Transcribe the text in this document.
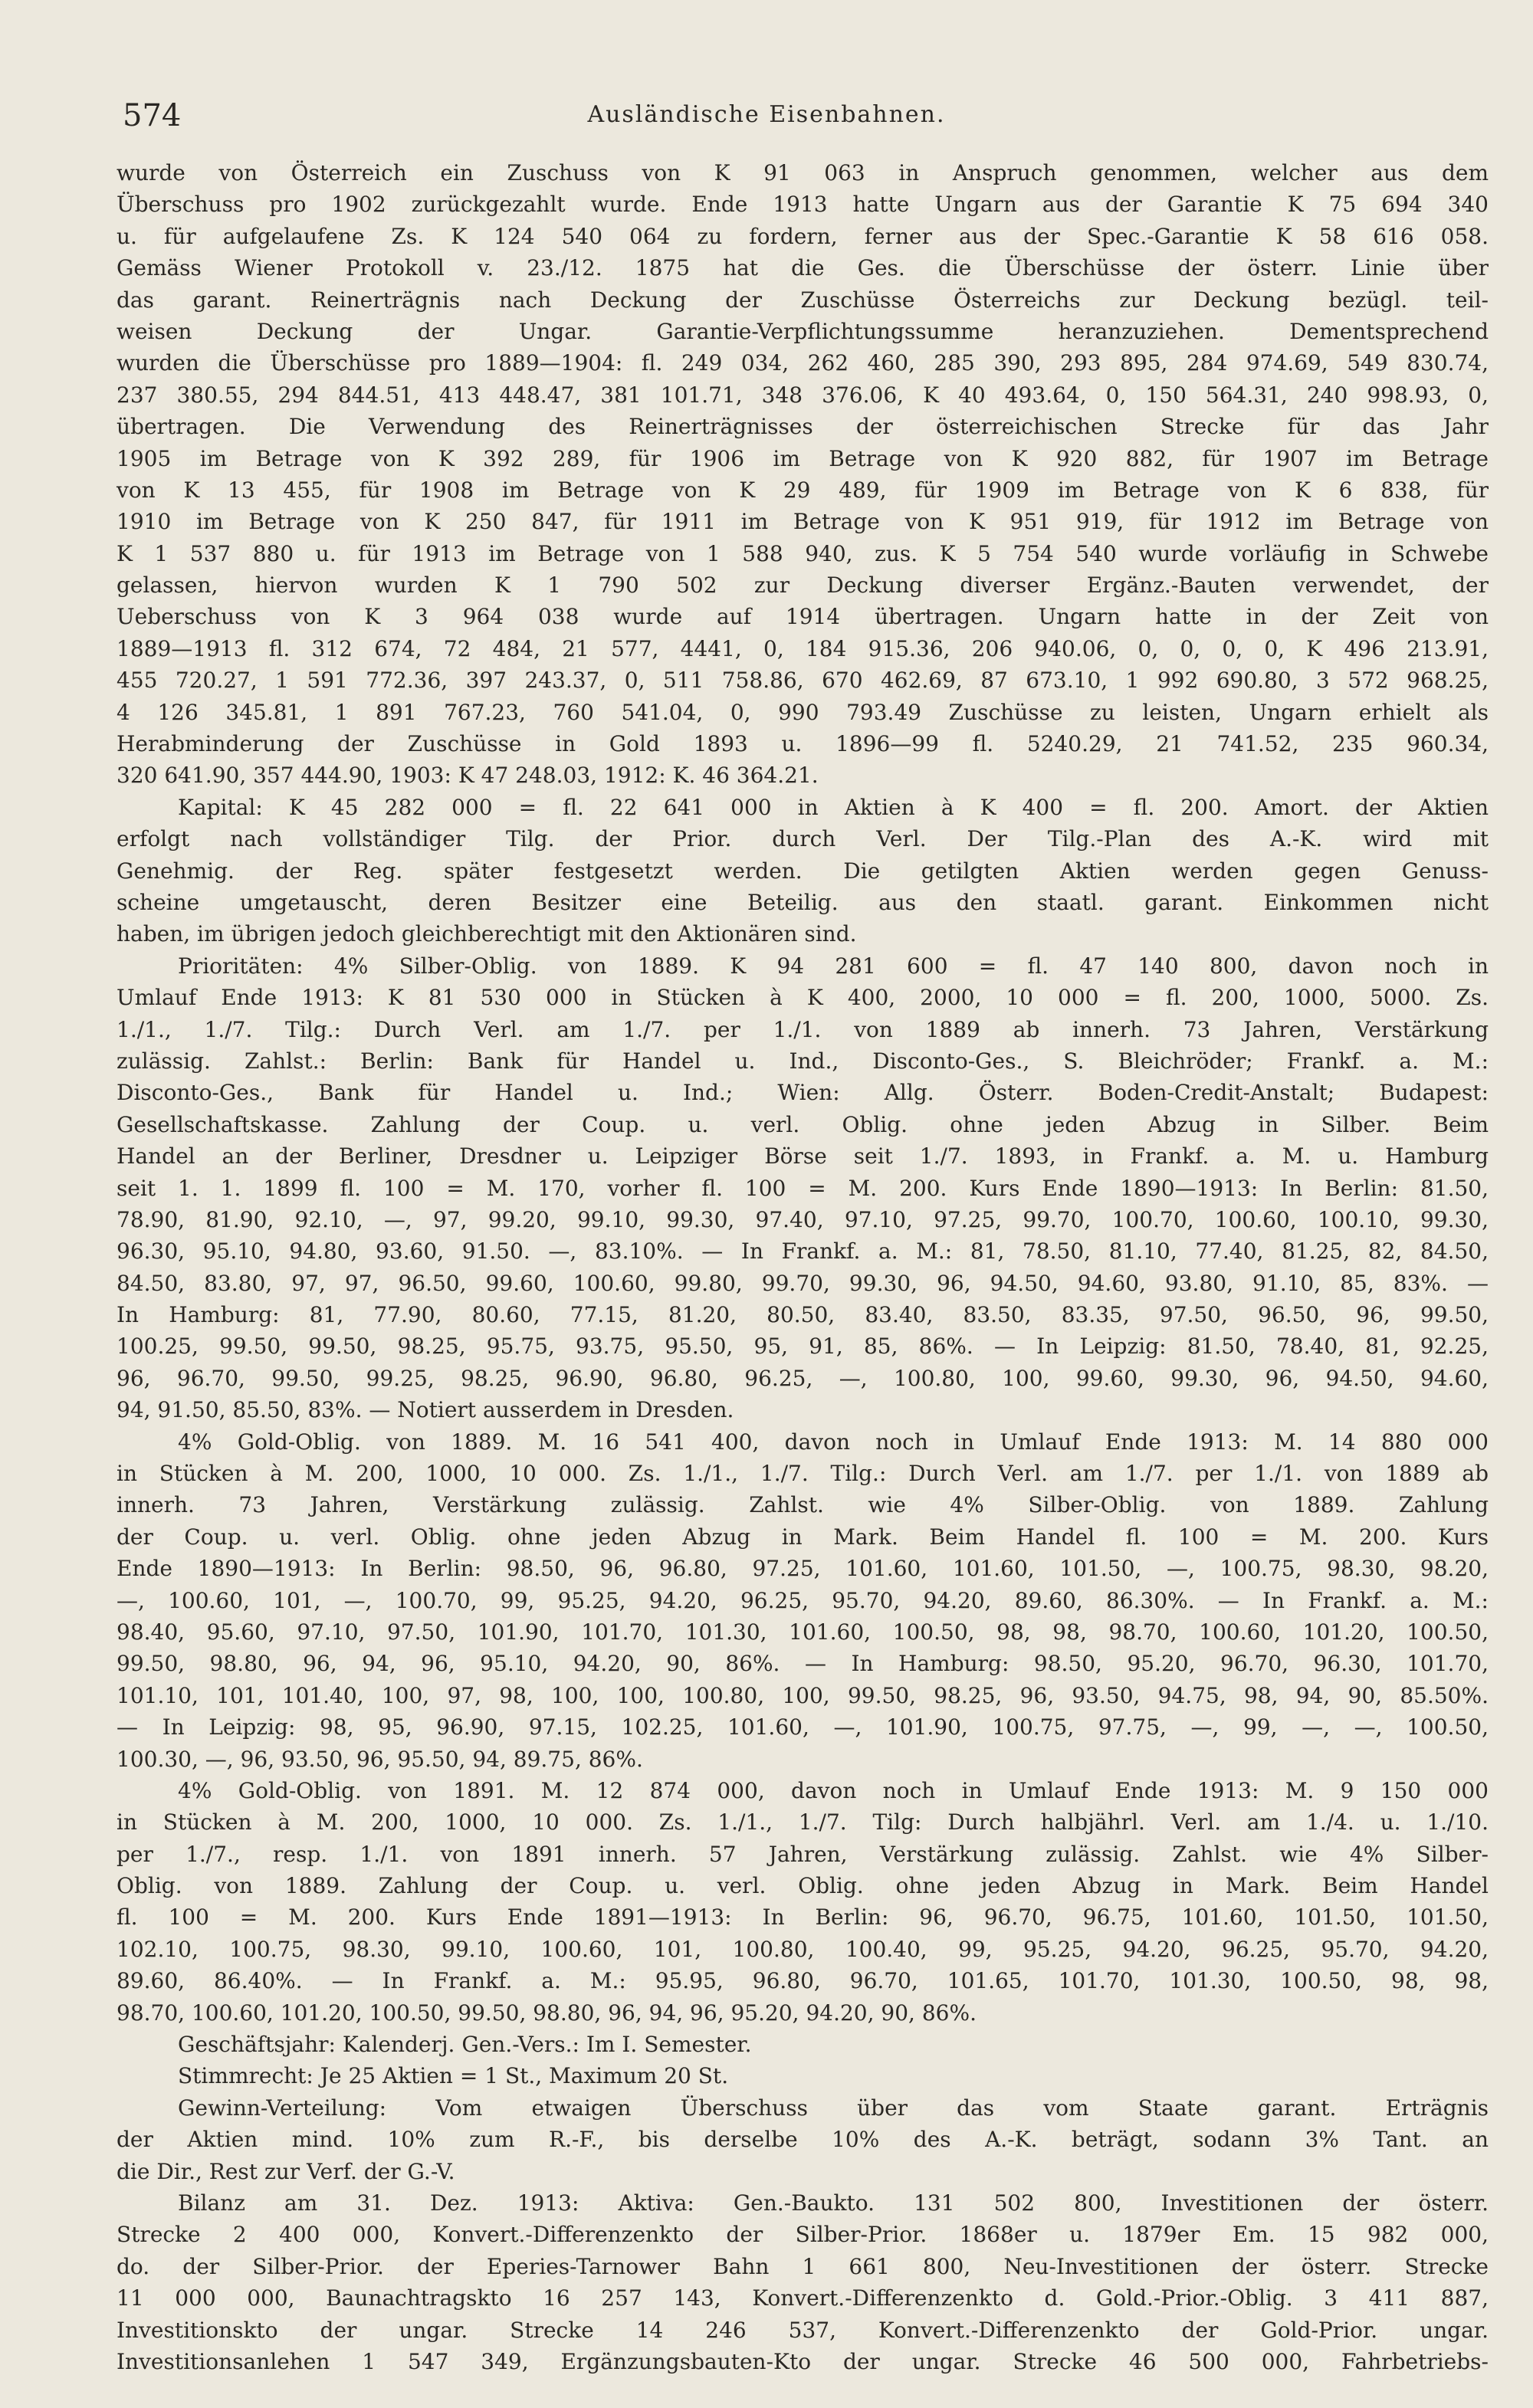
574	Ausländische Eisenbahnen.
wurde von Österreich ein Zuschuss von K 91 063 in Anspruch genommen, welcher aus dem
Überschuss pro 1902 zurückgezahlt wurde. Ende 1913 hatte Ungarn aus der Garantie K 75 694 340
u. für aufgelaufene Zs. K 124 540 064 zu fordern, ferner aus der Spec.-Garantie K 58 616 058.
Gemäss Wiener Protokoll v. 23./12. 1875 hat die Ges. die Überschüsse der österr. Linie über
das garant. Reinerträgnis nach Deckung der Zuschüsse Österreichs zur Deckung bezügl. teil-
weisen Deckung der Ungar. Garantie-Verpflichtungssumme heranzuziehen. Dementsprechend
wurden die Überschüsse pro 1889—1904: fl. 249 034, 262 460, 285 390, 293 895, 284 974.69, 549 830.74,
237 380.55, 294 844.51, 413 448.47, 381 101.71, 348 376.06, K 40 493.64, 0, 150 564.31, 240 998.93, 0,
übertragen. Die Verwendung des Reinerträgnisses der österreichischen Strecke für das Jahr
1905 im Betrage von K 392 289, für 1906 im Betrage von K 920 882, für 1907 im Betrage
von K 13 455, für 1908 im Betrage von K 29 489, für 1909 im Betrage von K 6 838, für
1910 im Betrage von K 250 847, für 1911 im Betrage von K 951 919, für 1912 im Betrage von
K 1 537 880 u. für 1913 im Betrage von 1 588 940, zus. K 5 754 540 wurde vorläufig in Schwebe
gelassen, hiervon wurden K 1 790 502 zur Deckung diverser Ergänz.-Bauten verwendet, der
Ueberschuss von K 3 964 038 wurde auf 1914 übertragen. Ungarn hatte in der Zeit von
1889—1913 fl. 312 674, 72 484, 21 577, 4441, 0, 184 915.36, 206 940.06, 0, 0, 0, 0, K 496 213.91,
455 720.27, 1 591 772.36, 397 243.37, 0, 511 758.86, 670 462.69, 87 673.10, 1 992 690.80, 3 572 968.25,
4 126 345.81, 1 891 767.23, 760 541.04, 0, 990 793.49 Zuschüsse zu leisten, Ungarn erhielt als
Herabminderung der Zuschüsse in Gold 1893 u. 1896—99 fl. 5240.29, 21 741.52, 235 960.34,
320 641.90, 357 444.90, 1903: K 47 248.03, 1912: K. 46 364.21.
Kapital: K 45 282 000 = fl. 22 641 000 in Aktien à K 400 = fl. 200. Amort. der Aktien
erfolgt nach vollständiger Tilg. der Prior. durch Verl. Der Tilg.-Plan des A.-K. wird mit
Genehmig. der Reg. später festgesetzt werden. Die getilgten Aktien werden gegen Genuss-
scheine umgetauscht, deren Besitzer eine Beteilig. aus den staatl. garant. Einkommen nicht
haben, im übrigen jedoch gleichberechtigt mit den Aktionären sind.
Prioritäten: 4% Silber-Oblig. von 1889. K 94 281 600 = fl. 47 140 800, davon noch in
Umlauf Ende 1913: K 81 530 000 in Stücken à K 400, 2000, 10 000 = fl. 200, 1000, 5000. Zs.
1./1., 1./7. Tilg.: Durch Verl. am 1./7. per 1./1. von 1889 ab innerh. 73 Jahren, Verstärkung
zulässig. Zahlst.: Berlin: Bank für Handel u. Ind., Disconto-Ges., S. Bleichröder; Frankf. a. M.:
Disconto-Ges., Bank für Handel u. Ind.; Wien: Allg. Österr. Boden-Credit-Anstalt; Budapest:
Gesellschaftskasse. Zahlung der Coup. u. verl. Oblig. ohne jeden Abzug in Silber. Beim
Handel an der Berliner, Dresdner u. Leipziger Börse seit 1./7. 1893, in Frankf. a. M. u. Hamburg
seit 1. 1. 1899 fl. 100 = M. 170, vorher fl. 100 = M. 200. Kurs Ende 1890—1913: In Berlin: 81.50,
78.90, 81.90, 92.10, —, 97, 99.20, 99.10, 99.30, 97.40, 97.10, 97.25, 99.70, 100.70, 100.60, 100.10, 99.30,
96.30, 95.10, 94.80, 93.60, 91.50. —, 83.10%. — In Frankf. a. M.: 81, 78.50, 81.10, 77.40, 81.25, 82, 84.50,
84.50, 83.80, 97, 97, 96.50, 99.60, 100.60, 99.80, 99.70, 99.30, 96, 94.50, 94.60, 93.80, 91.10, 85, 83%. —
In Hamburg: 81, 77.90, 80.60, 77.15, 81.20, 80.50, 83.40, 83.50, 83.35, 97.50, 96.50, 96, 99.50,
100.25, 99.50, 99.50, 98.25, 95.75, 93.75, 95.50, 95, 91, 85, 86%. — In Leipzig: 81.50, 78.40, 81, 92.25,
96, 96.70, 99.50, 99.25, 98.25, 96.90, 96.80, 96.25, —, 100.80, 100, 99.60, 99.30, 96, 94.50, 94.60,
94, 91.50, 85.50, 83%. — Notiert ausserdem in Dresden.
4% Gold-Oblig. von 1889. M. 16 541 400, davon noch in Umlauf Ende 1913: M. 14 880 000
in Stücken à M. 200, 1000, 10 000. Zs. 1./1., 1./7. Tilg.: Durch Verl. am 1./7. per 1./1. von 1889 ab
innerh. 73 Jahren, Verstärkung zulässig. Zahlst. wie 4% Silber-Oblig. von 1889. Zahlung
der Coup. u. verl. Oblig. ohne jeden Abzug in Mark. Beim Handel fl. 100 = M. 200. Kurs
Ende 1890—1913: In Berlin: 98.50, 96, 96.80, 97.25, 101.60, 101.60, 101.50, —, 100.75, 98.30, 98.20,
—, 100.60, 101, —, 100.70, 99, 95.25, 94.20, 96.25, 95.70, 94.20, 89.60, 86.30%. — In Frankf. a. M.:
98.40, 95.60, 97.10, 97.50, 101.90, 101.70, 101.30, 101.60, 100.50, 98, 98, 98.70, 100.60, 101.20, 100.50,
99.50, 98.80, 96, 94, 96, 95.10, 94.20, 90, 86%. — In Hamburg: 98.50, 95.20, 96.70, 96.30, 101.70,
101.10, 101, 101.40, 100, 97, 98, 100, 100, 100.80, 100, 99.50, 98.25, 96, 93.50, 94.75, 98, 94, 90, 85.50%.
— In Leipzig: 98, 95, 96.90, 97.15, 102.25, 101.60, —, 101.90, 100.75, 97.75, —, 99, —, —, 100.50,
100.30, —, 96, 93.50, 96, 95.50, 94, 89.75, 86%.
4% Gold-Oblig. von 1891. M. 12 874 000, davon noch in Umlauf Ende 1913: M. 9 150 000
in Stücken à M. 200, 1000, 10 000. Zs. 1./1., 1./7. Tilg: Durch halbjährl. Verl. am 1./4. u. 1./10.
per 1./7., resp. 1./1. von 1891 innerh. 57 Jahren, Verstärkung zulässig. Zahlst. wie 4% Silber-
Oblig. von 1889. Zahlung der Coup. u. verl. Oblig. ohne jeden Abzug in Mark. Beim Handel
fl. 100 = M. 200. Kurs Ende 1891—1913: In Berlin: 96, 96.70, 96.75, 101.60, 101.50, 101.50,
102.10, 100.75, 98.30, 99.10, 100.60, 101, 100.80, 100.40, 99, 95.25, 94.20, 96.25, 95.70, 94.20,
89.60, 86.40%. — In Frankf. a. M.: 95.95, 96.80, 96.70, 101.65, 101.70, 101.30, 100.50, 98, 98,
98.70, 100.60, 101.20, 100.50, 99.50, 98.80, 96, 94, 96, 95.20, 94.20, 90, 86%.
Geschäftsjahr: Kalenderj. Gen.-Vers.: Im I. Semester.
Stimmrecht: Je 25 Aktien = 1 St., Maximum 20 St.
Gewinn-Verteilung: Vom etwaigen Überschuss über das vom Staate garant. Erträgnis
der Aktien mind. 10% zum R.-F., bis derselbe 10% des A.-K. beträgt, sodann 3% Tant. an
die Dir., Rest zur Verf. der G.-V.
Bilanz am 31. Dez. 1913: Aktiva: Gen.-Baukto. 131 502 800, Investitionen der österr.
Strecke 2 400 000, Konvert.-Differenzenkto der Silber-Prior. 1868er u. 1879er Em. 15 982 000,
do. der Silber-Prior. der Eperies-Tarnower Bahn 1 661 800, Neu-Investitionen der österr. Strecke
11 000 000, Baunachtragskto 16 257 143, Konvert.-Differenzenkto d. Gold.-Prior.-Oblig. 3 411 887,
Investitionskto der ungar. Strecke 14 246 537, Konvert.-Differenzenkto der Gold-Prior. ungar.
Investitionsanlehen 1 547 349, Ergänzungsbauten-Kto der ungar. Strecke 46 500 000, Fahrbetriebs-
